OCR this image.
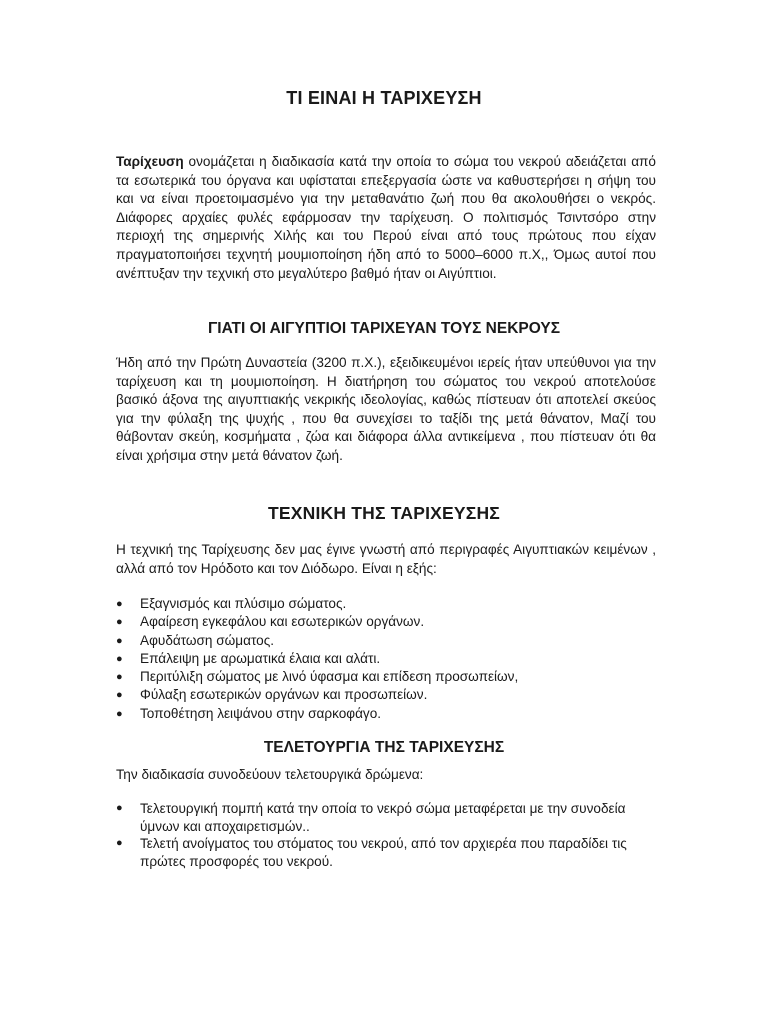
ΤΙ ΕΙΝΑΙ Η ΤΑΡΙΧΕΥΣΗ
Ταρίχευση ονομάζεται η διαδικασία κατά την οποία το σώμα του νεκρού αδειάζεται από τα εσωτερικά του όργανα και υφίσταται επεξεργασία ώστε να καθυστερήσει η σήψη του και να είναι προετοιμασμένο για την μεταθανάτιο ζωή που θα ακολουθήσει ο νεκρός. Διάφορες αρχαίες φυλές εφάρμοσαν την ταρίχευση. Ο πολιτισμός Τσιντσόρο στην περιοχή της σημερινής Χιλής και του Περού είναι από τους πρώτους που είχαν πραγματοποιήσει τεχνητή μουμιοποίηση ήδη από το 5000–6000 π.Χ,, Όμως αυτοί που ανέπτυξαν την τεχνική στο μεγαλύτερο βαθμό ήταν οι Αιγύπτιοι.
ΓΙΑΤΙ ΟΙ ΑΙΓΥΠΤΙΟΙ ΤΑΡΙΧΕΥΑΝ ΤΟΥΣ ΝΕΚΡΟΥΣ
Ήδη από την Πρώτη Δυναστεία (3200 π.Χ.), εξειδικευμένοι ιερείς ήταν υπεύθυνοι για την ταρίχευση και τη μουμιοποίηση. Η διατήρηση του σώματος του νεκρού αποτελούσε βασικό άξονα της αιγυπτιακής νεκρικής ιδεολογίας, καθώς πίστευαν ότι αποτελεί σκεύος για την φύλαξη της ψυχής , που θα συνεχίσει το ταξίδι της μετά θάνατον, Μαζί του θάβονταν σκεύη, κοσμήματα , ζώα και διάφορα άλλα αντικείμενα , που πίστευαν ότι θα είναι χρήσιμα στην μετά θάνατον ζωή.
ΤΕΧΝΙΚΗ ΤΗΣ ΤΑΡΙΧΕΥΣΗΣ
Η τεχνική της Ταρίχευσης δεν μας έγινε γνωστή από περιγραφές Αιγυπτιακών κειμένων , αλλά από τον Ηρόδοτο και τον Διόδωρο. Είναι η εξής:
● Εξαγνισμός και πλύσιμο σώματος.
● Αφαίρεση εγκεφάλου και εσωτερικών οργάνων.
● Αφυδάτωση σώματος.
● Επάλειψη με αρωματικά έλαια και αλάτι.
● Περιτύλιξη σώματος με λινό ύφασμα και επίδεση προσωπείων,
● Φύλαξη εσωτερικών οργάνων και προσωπείων.
● Τοποθέτηση λειψάνου στην σαρκοφάγο.
ΤΕΛΕΤΟΥΡΓΙΑ ΤΗΣ ΤΑΡΙΧΕΥΣΗΣ
Την διαδικασία συνοδεύουν τελετουργικά δρώμενα:
● Τελετουργική πομπή κατά την οποία το νεκρό σώμα μεταφέρεται με την συνοδεία ύμνων και αποχαιρετισμών..
● Τελετή ανοίγματος του στόματος του νεκρού, από τον αρχιερέα που παραδίδει τις πρώτες προσφορές του νεκρού.
